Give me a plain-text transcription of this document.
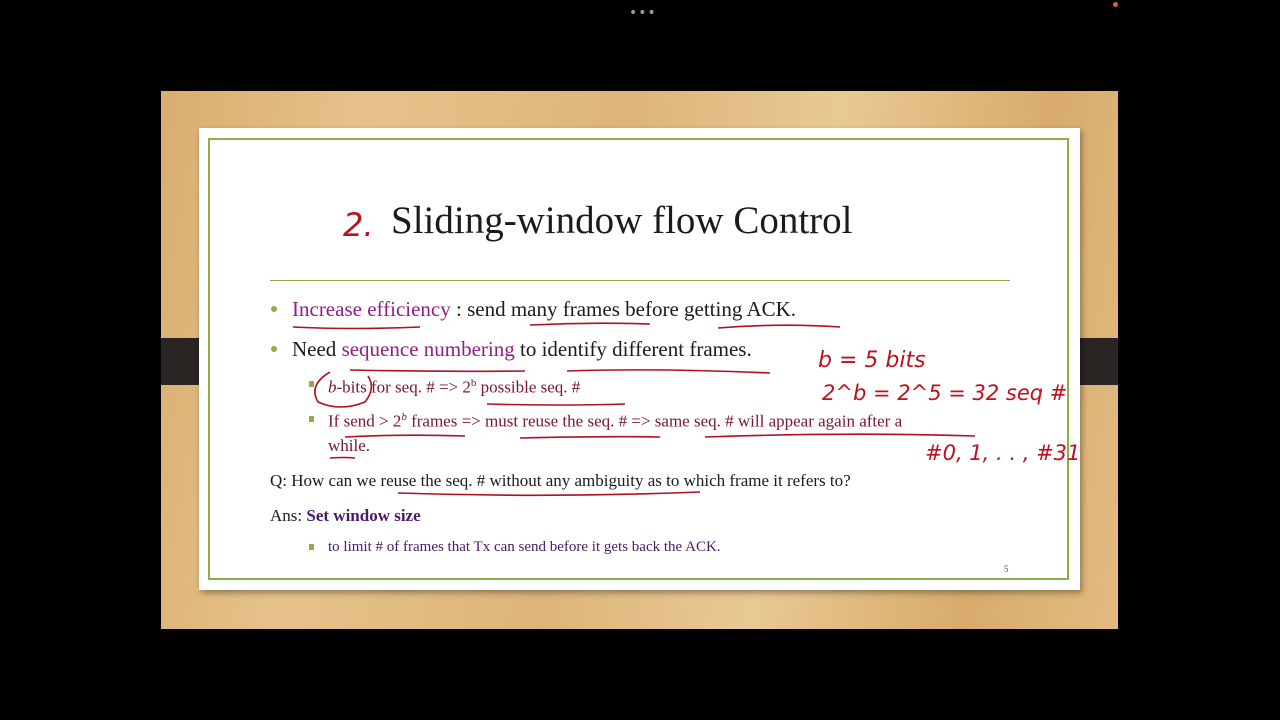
•••
Sliding-window flow Control
Increase efficiency : send many frames before getting ACK.
Need sequence numbering to identify different frames.
b-bits for seq. # => $2^b$ possible seq. #
If send > $2^b$ frames => must reuse the seq. # => same seq. # will appear again after a
while.
Q: How can we reuse the seq. # without any ambiguity as to which frame it refers to?
Ans: Set window size
to limit # of frames that Tx can send before it gets back the ACK.
5
2.
b = 5 bits
2^b = 2^5 = 32 seq #
#0, 1, . . , #31
